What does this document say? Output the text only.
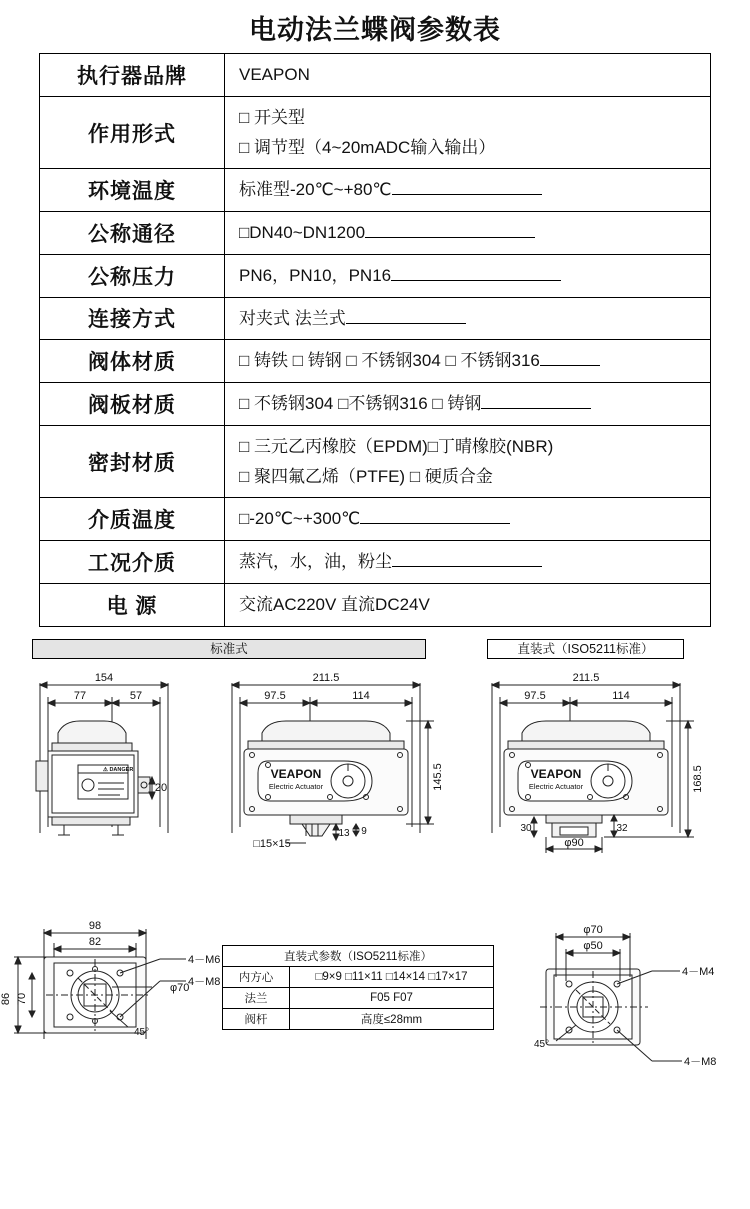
电动法兰蝶阀参数表
执行器品牌	VEAPON
作用形式	□ 开关型
□ 调节型（4~20mADC输入输出）

环境温度	标准型-20℃~+80℃
公称通径	□DN40~DN1200
公称压力	PN6，PN10，PN16
连接方式	对夹式 法兰式
阀体材质	□ 铸铁 □ 铸钢 □ 不锈钢304 □ 不锈钢316
阀板材质	□ 不锈钢304 □不锈钢316 □ 铸钢
密封材质	□ 三元乙丙橡胶（EPDM)□丁晴橡胶(NBR)
□ 聚四氟乙烯（PTFE) □ 硬质合金

介质温度	□-20℃~+300℃
工况介质	蒸汽，水，油，粉尘
电 源	交流AC220V 直流DC24V
标准式	直装式（ISO5211标准）
154
77	57
20
211.5
97.5	114
145.5
□15×15
13 9
211.5
97.5	114
168.5
30	32
φ90
98
82
86 70
φ70
4－M6
4－M8
45°
φ70
φ50
4－M4
4－M8
45°
VEAPON
Electric Actuator
VEAPON
Electric Actuator
⚠ DANGER
直装式参数（ISO5211标准）	
内方心	□9×9 □11×11 □14×14 □17×17
法兰	F05 F07
阀杆	高度≤28mm
